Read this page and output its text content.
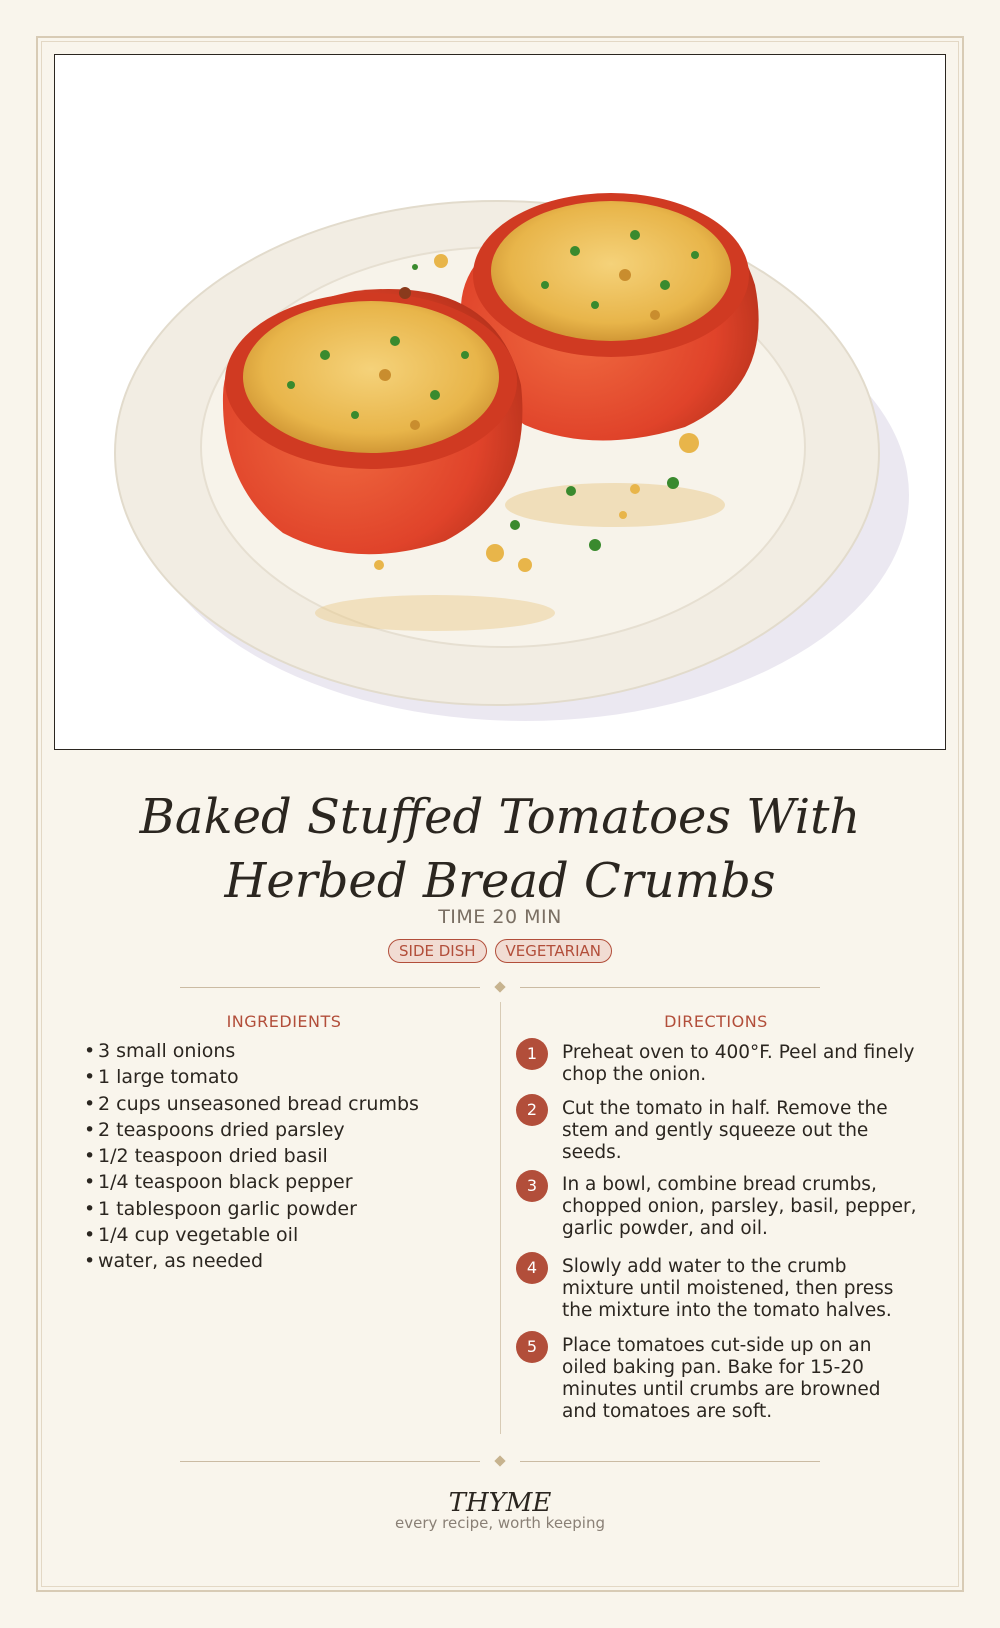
Baked Stuffed Tomatoes With Herbed Bread Crumbs
TIME 20 MIN
SIDE DISH VEGETARIAN
INGREDIENTS
• 3 small onions
• 1 large tomato
• 2 cups unseasoned bread crumbs
• 2 teaspoons dried parsley
• 1/2 teaspoon dried basil
• 1/4 teaspoon black pepper
• 1 tablespoon garlic powder
• 1/4 cup vegetable oil
• water, as needed
DIRECTIONS
1	Preheat oven to 400°F. Peel and finely chop the onion.
2	Cut the tomato in half. Remove the stem and gently squeeze out the seeds.
3	In a bowl, combine bread crumbs, chopped onion, parsley, basil, pepper, garlic powder, and oil.
4	Slowly add water to the crumb mixture until moistened, then press the mixture into the tomato halves.
5	Place tomatoes cut-side up on an oiled baking pan. Bake for 15-20 minutes until crumbs are browned and tomatoes are soft.
THYME
every recipe, worth keeping
